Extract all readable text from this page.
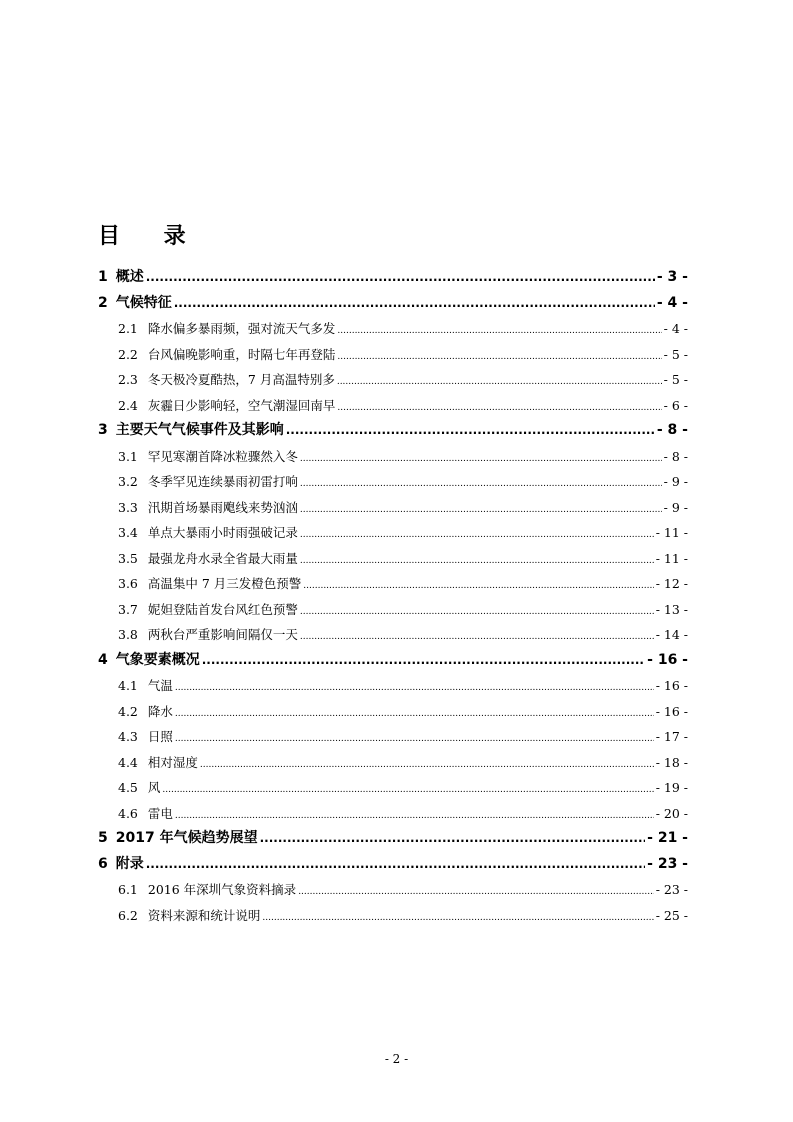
目 录
1 概述 .....	- 3 -
2 气候特征 .....	- 4 -
2.1 降水偏多暴雨频，强对流天气多发 .....	- 4 -
2.2 台风偏晚影响重，时隔七年再登陆 .....	- 5 -
2.3 冬天极冷夏酷热，7 月高温特别多 .....	- 5 -
2.4 灰霾日少影响轻，空气潮湿回南早 .....	- 6 -
3 主要天气气候事件及其影响 .....	- 8 -
3.1 罕见寒潮首降冰粒骤然入冬 .....	- 8 -
3.2 冬季罕见连续暴雨初雷打响 .....	- 9 -
3.3 汛期首场暴雨飑线来势汹汹 .....	- 9 -
3.4 单点大暴雨小时雨强破记录 .....	- 11 -
3.5 最强龙舟水录全省最大雨量 .....	- 11 -
3.6 高温集中 7 月三发橙色预警 .....	- 12 -
3.7 妮妲登陆首发台风红色预警 .....	- 13 -
3.8 两秋台严重影响间隔仅一天 .....	- 14 -
4 气象要素概况 .....	- 16 -
4.1 气温 .....	- 16 -
4.2 降水 .....	- 16 -
4.3 日照 .....	- 17 -
4.4 相对湿度 .....	- 18 -
4.5 风 .....	- 19 -
4.6 雷电 .....	- 20 -
5 2017 年气候趋势展望 .....	- 21 -
6 附录 .....	- 23 -
6.1 2016 年深圳气象资料摘录 .....	- 23 -
6.2 资料来源和统计说明 .....	- 25 -
- 2 -
